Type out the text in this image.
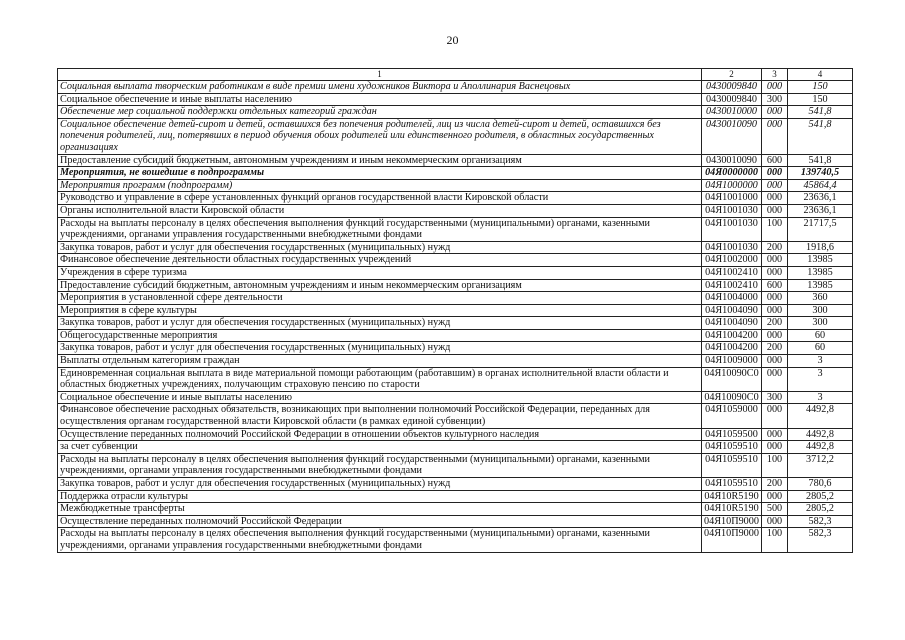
20
1	2	3	4
Социальная выплата творческим работникам в виде премии имени художников Виктора и Аполлинария Васнецовых	0430009840	000	150
Социальное обеспечение и иные выплаты населению	0430009840	300	150
Обеспечение мер социальной поддержки отдельных категорий граждан	0430010000	000	541,8
Социальное обеспечение детей-сирот и детей, оставшихся без попечения родителей, лиц из числа детей-сирот и детей, оставшихся без попечения родителей, лиц, потерявших в период обучения обоих родителей или единственного родителя, в областных государственных организациях	0430010090	000	541,8
Предоставление субсидий бюджетным, автономным учреждениям и иным некоммерческим организациям	0430010090	600	541,8
Мероприятия, не вошедшие в подпрограммы	04Я0000000	000	139740,5
Мероприятия программ (подпрограмм)	04Я1000000	000	45864,4
Руководство и управление в сфере установленных функций органов государственной власти Кировской области	04Я1001000	000	23636,1
Органы исполнительной власти Кировской области	04Я1001030	000	23636,1
Расходы на выплаты персоналу в целях обеспечения выполнения функций государственными (муниципальными) органами, казенными учреждениями, органами управления государственными внебюджетными фондами	04Я1001030	100	21717,5
Закупка товаров, работ и услуг для обеспечения государственных (муниципальных) нужд	04Я1001030	200	1918,6
Финансовое обеспечение деятельности областных государственных учреждений	04Я1002000	000	13985
Учреждения в сфере туризма	04Я1002410	000	13985
Предоставление субсидий бюджетным, автономным учреждениям и иным некоммерческим организациям	04Я1002410	600	13985
Мероприятия в установленной сфере деятельности	04Я1004000	000	360
Мероприятия в сфере культуры	04Я1004090	000	300
Закупка товаров, работ и услуг для обеспечения государственных (муниципальных) нужд	04Я1004090	200	300
Общегосударственные мероприятия	04Я1004200	000	60
Закупка товаров, работ и услуг для обеспечения государственных (муниципальных) нужд	04Я1004200	200	60
Выплаты отдельным категориям граждан	04Я1009000	000	3
Единовременная социальная выплата в виде материальной помощи работающим (работавшим) в органах исполнительной власти области и областных бюджетных учреждениях, получающим страховую пенсию по старости	04Я10090С0	000	3
Социальное обеспечение и иные выплаты населению	04Я10090С0	300	3
Финансовое обеспечение расходных обязательств, возникающих при выполнении полномочий Российской Федерации, переданных для осуществления органам государственной власти Кировской области (в рамках единой субвенции)	04Я1059000	000	4492,8
Осуществление переданных полномочий Российской Федерации в отношении объектов культурного наследия	04Я1059500	000	4492,8
за счет субвенции	04Я1059510	000	4492,8
Расходы на выплаты персоналу в целях обеспечения выполнения функций государственными (муниципальными) органами, казенными учреждениями, органами управления государственными внебюджетными фондами	04Я1059510	100	3712,2
Закупка товаров, работ и услуг для обеспечения государственных (муниципальных) нужд	04Я1059510	200	780,6
Поддержка отрасли культуры	04Я10R5190	000	2805,2
Межбюджетные трансферты	04Я10R5190	500	2805,2
Осуществление переданных полномочий Российской Федерации	04Я10П9000	000	582,3
Расходы на выплаты персоналу в целях обеспечения выполнения функций государственными (муниципальными) органами, казенными учреждениями, органами управления государственными внебюджетными фондами	04Я10П9000	100	582,3
